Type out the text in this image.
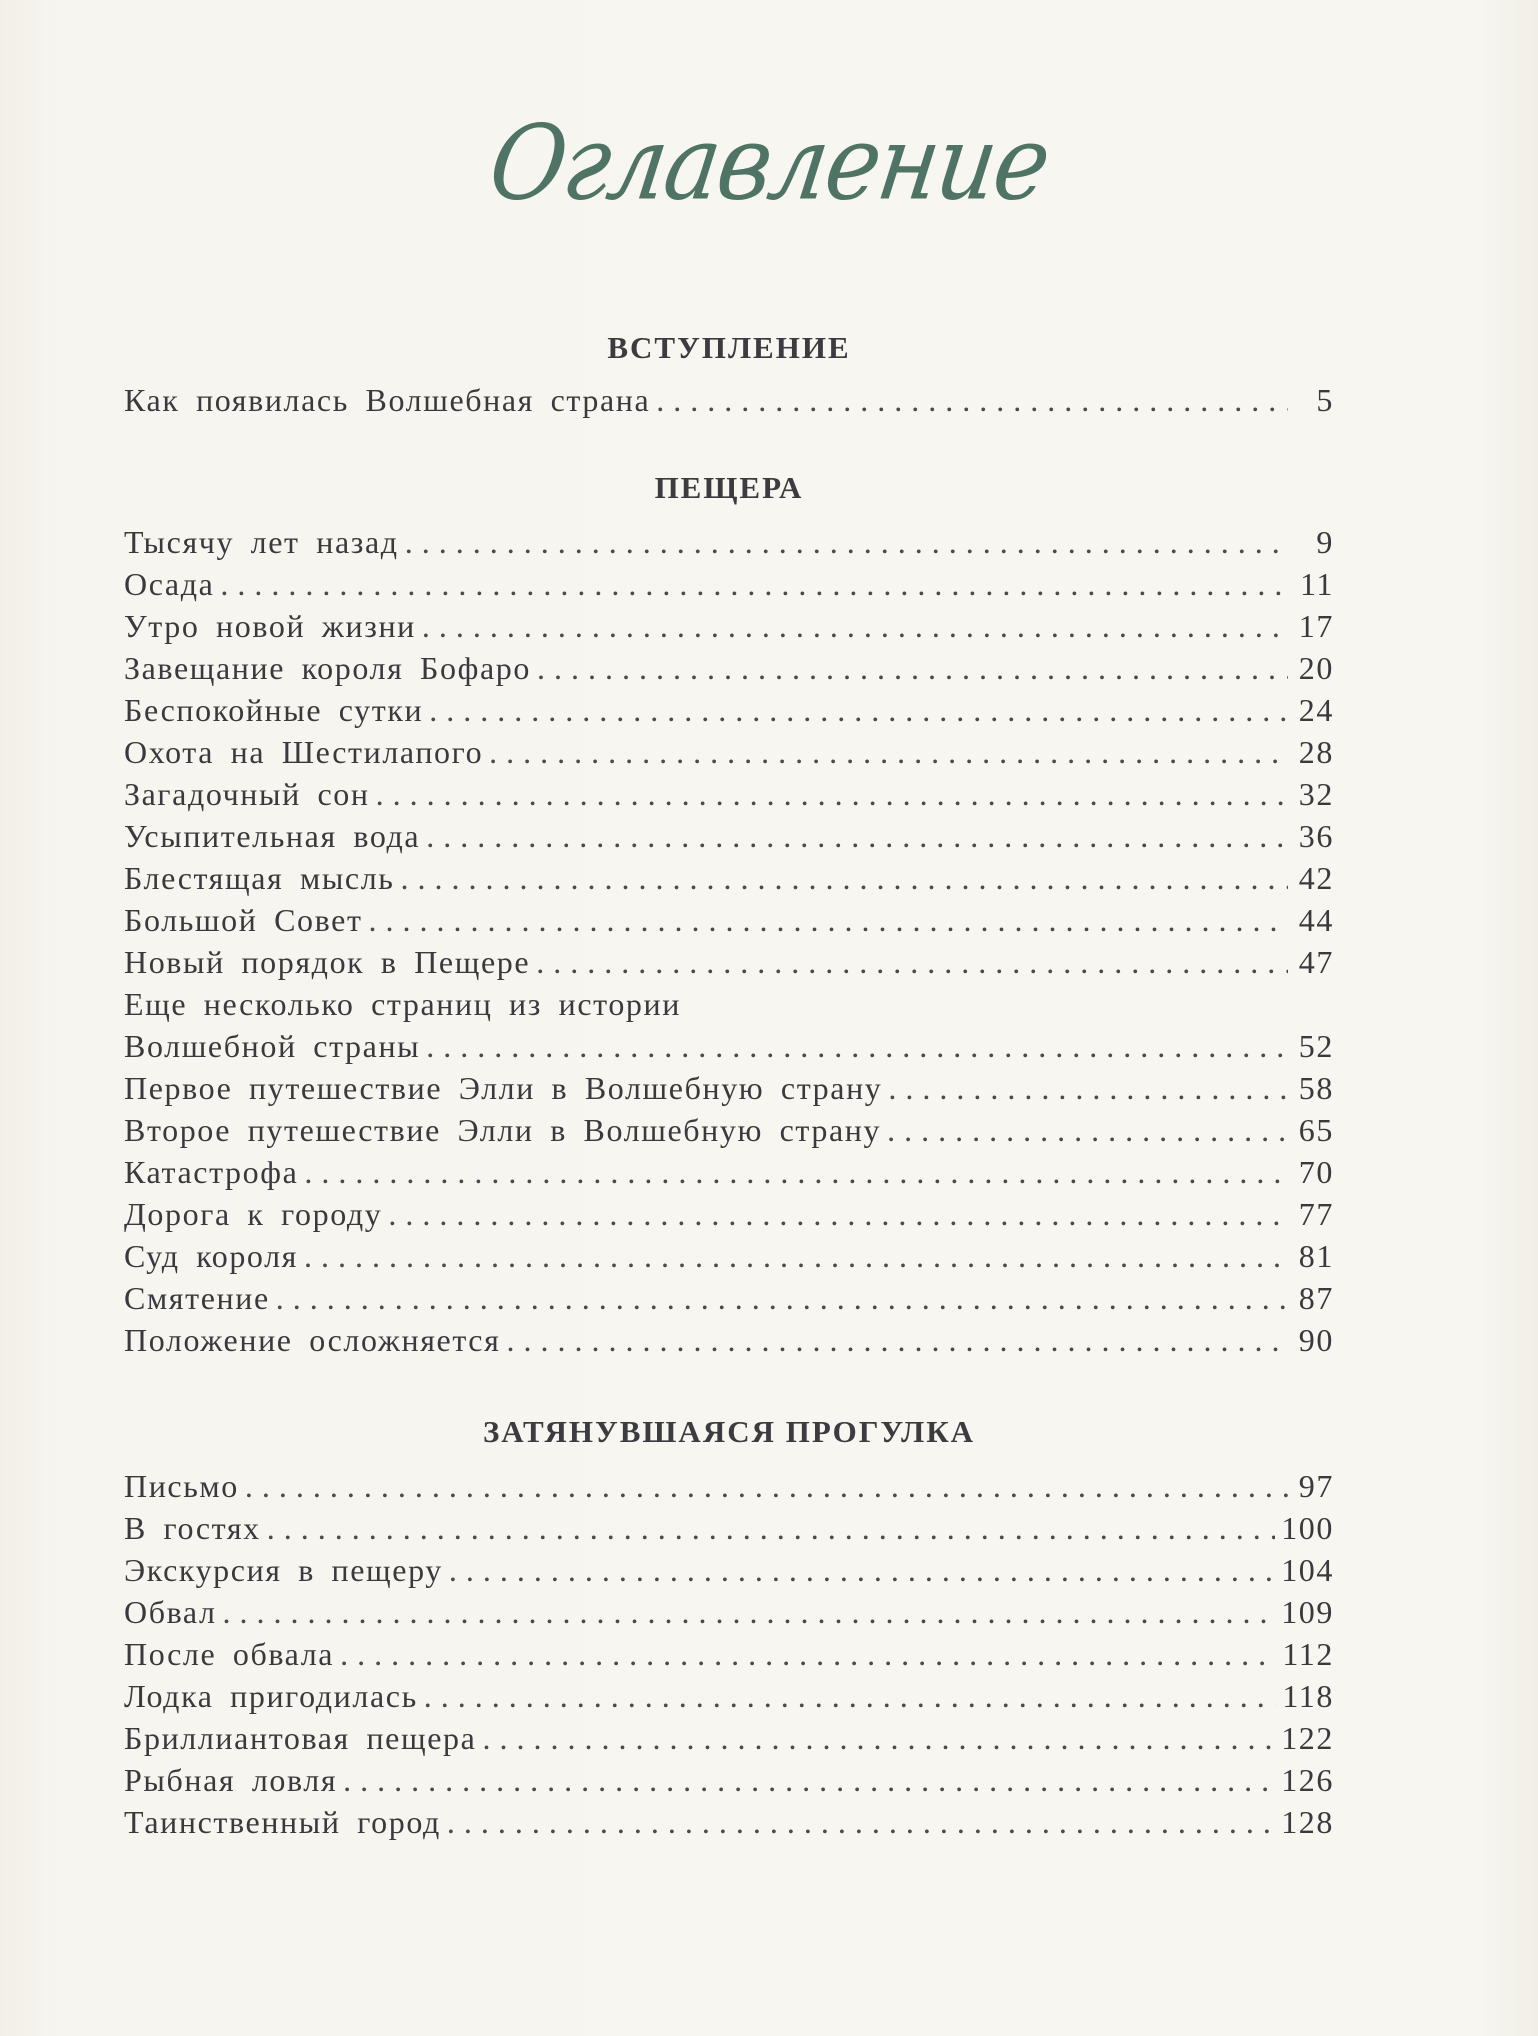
Оглавление
ВСТУПЛЕНИЕ
Как появилась Волшебная страна . . .	5
ПЕЩЕРА
Тысячу лет назад . . .	9
Осада . . .	11
Утро новой жизни . . .	17
Завещание короля Бофаро . . .	20
Беспокойные сутки . . .	24
Охота на Шестилапого . . .	28
Загадочный сон . . .	32
Усыпительная вода . . .	36
Блестящая мысль . . .	42
Большой Совет . . .	44
Новый порядок в Пещере . . .	47
Еще несколько страниц из истории
Волшебной страны . . .	52
Первое путешествие Элли в Волшебную страну . . .	58
Второе путешествие Элли в Волшебную страну . . .	65
Катастрофа . . .	70
Дорога к городу . . .	77
Суд короля . . .	81
Смятение . . .	87
Положение осложняется . . .	90
ЗАТЯНУВШАЯСЯ ПРОГУЛКА
Письмо . . .	97
В гостях . . .	100
Экскурсия в пещеру . . .	104
Обвал . . .	109
После обвала . . .	112
Лодка пригодилась . . .	118
Бриллиантовая пещера . . .	122
Рыбная ловля . . .	126
Таинственный город . . .	128
